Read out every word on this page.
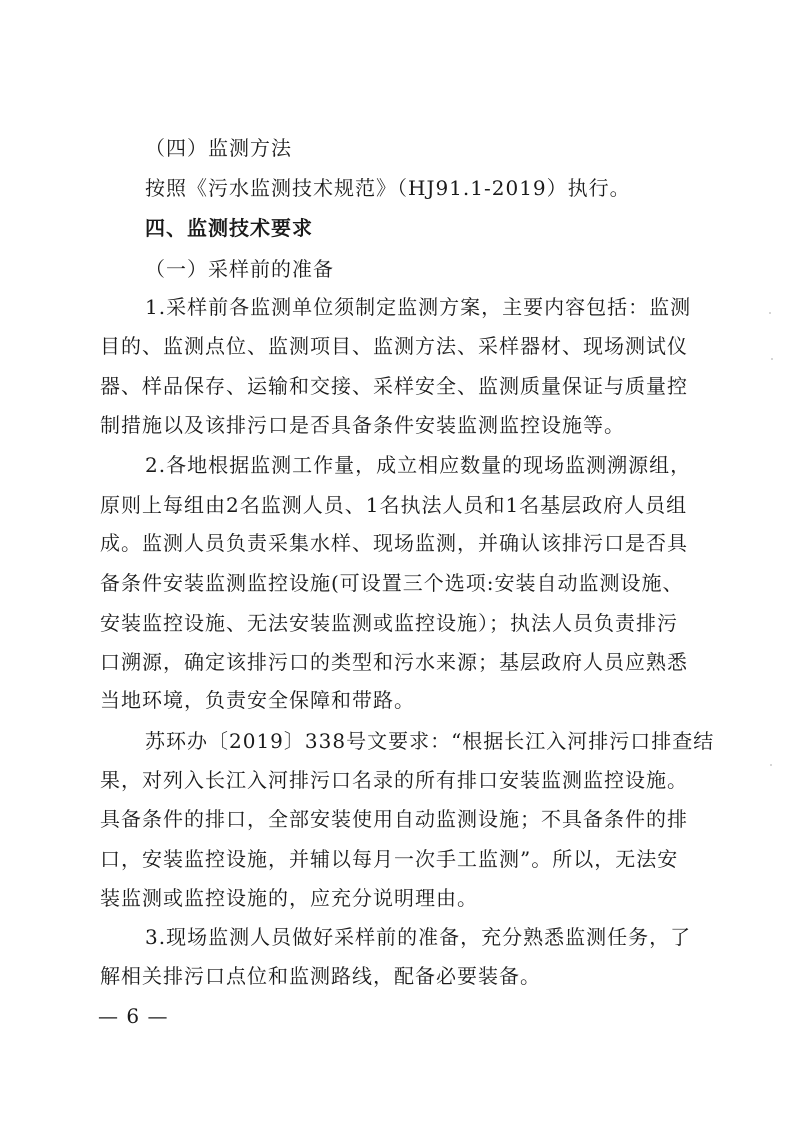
（四）监测方法
按照《污水监测技术规范》（HJ91.1-2019）执行。
四、监测技术要求
（一）采样前的准备
1.采样前各监测单位须制定监测方案，主要内容包括：监测
目的、监测点位、监测项目、监测方法、采样器材、现场测试仪
器、样品保存、运输和交接、采样安全、监测质量保证与质量控
制措施以及该排污口是否具备条件安装监测监控设施等。
2.各地根据监测工作量，成立相应数量的现场监测溯源组，
原则上每组由2名监测人员、1名执法人员和1名基层政府人员组
成。监测人员负责采集水样、现场监测，并确认该排污口是否具
备条件安装监测监控设施(可设置三个选项:安装自动监测设施、
安装监控设施、无法安装监测或监控设施）；执法人员负责排污
口溯源，确定该排污口的类型和污水来源；基层政府人员应熟悉
当地环境，负责安全保障和带路。
苏环办〔2019〕338号文要求：“根据长江入河排污口排查结
果，对列入长江入河排污口名录的所有排口安装监测监控设施。
具备条件的排口，全部安装使用自动监测设施；不具备条件的排
口，安装监控设施，并辅以每月一次手工监测”。所以，无法安
装监测或监控设施的，应充分说明理由。
3.现场监测人员做好采样前的准备，充分熟悉监测任务，了
解相关排污口点位和监测路线，配备必要装备。
— 6 —
